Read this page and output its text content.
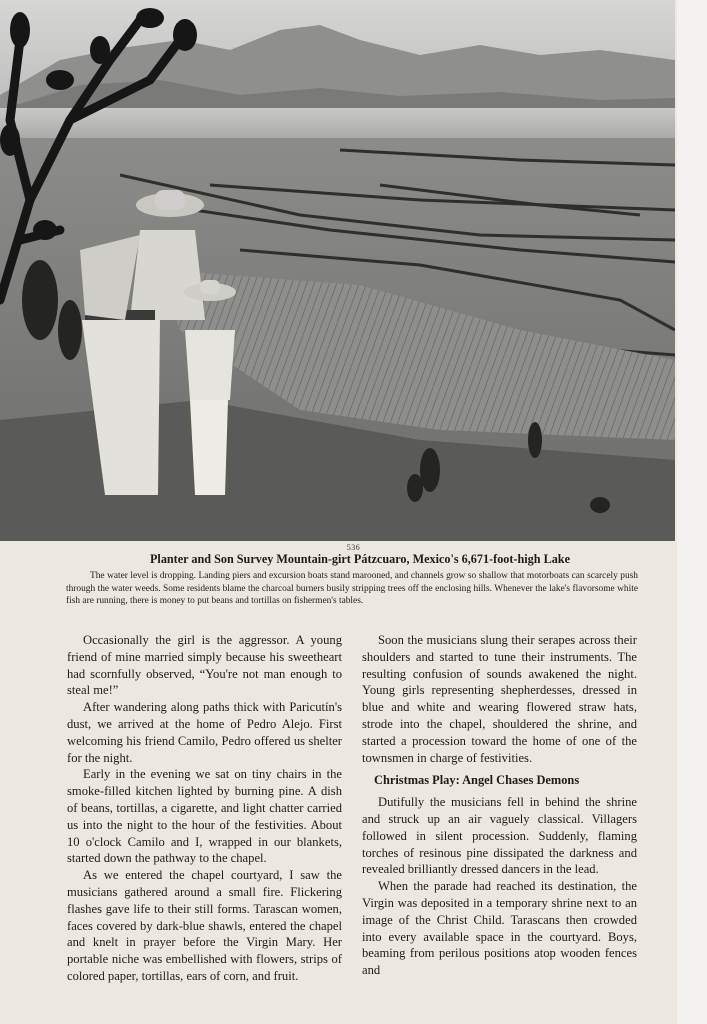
536
Planter and Son Survey Mountain-girt Pátzcuaro, Mexico's 6,671-foot-high Lake
The water level is dropping. Landing piers and excursion boats stand marooned, and channels grow so shallow that motorboats can scarcely push through the water weeds. Some residents blame the charcoal burners busily stripping trees off the enclosing hills. Whenever the lake's flavorsome white fish are running, there is money to put beans and tortillas on fishermen's tables.

Occasionally the girl is the aggressor. A young friend of mine married simply because his sweetheart had scornfully observed, “You're not man enough to steal me!”

After wandering along paths thick with Paricutín's dust, we arrived at the home of Pedro Alejo. First welcoming his friend Camilo, Pedro offered us shelter for the night.

Early in the evening we sat on tiny chairs in the smoke-filled kitchen lighted by burning pine. A dish of beans, tortillas, a cigarette, and light chatter carried us into the night to the hour of the festivities. About 10 o'clock Camilo and I, wrapped in our blankets, started down the pathway to the chapel.

As we entered the chapel courtyard, I saw the musicians gathered around a small fire. Flickering flashes gave life to their still forms. Tarascan women, faces covered by dark-blue shawls, entered the chapel and knelt in prayer before the Virgin Mary. Her portable niche was embellished with flowers, strips of colored paper, tortillas, ears of corn, and fruit.

Soon the musicians slung their serapes across their shoulders and started to tune their instruments. The resulting confusion of sounds awakened the night. Young girls representing shepherdesses, dressed in blue and white and wearing flowered straw hats, strode into the chapel, shouldered the shrine, and started a procession toward the home of one of the townsmen in charge of festivities.

Christmas Play: Angel Chases Demons

Dutifully the musicians fell in behind the shrine and struck up an air vaguely classical. Villagers followed in silent procession. Suddenly, flaming torches of resinous pine dissipated the darkness and revealed brilliantly dressed dancers in the lead.

When the parade had reached its destination, the Virgin was deposited in a temporary shrine next to an image of the Christ Child. Tarascans then crowded into every available space in the courtyard. Boys, beaming from perilous positions atop wooden fences and
